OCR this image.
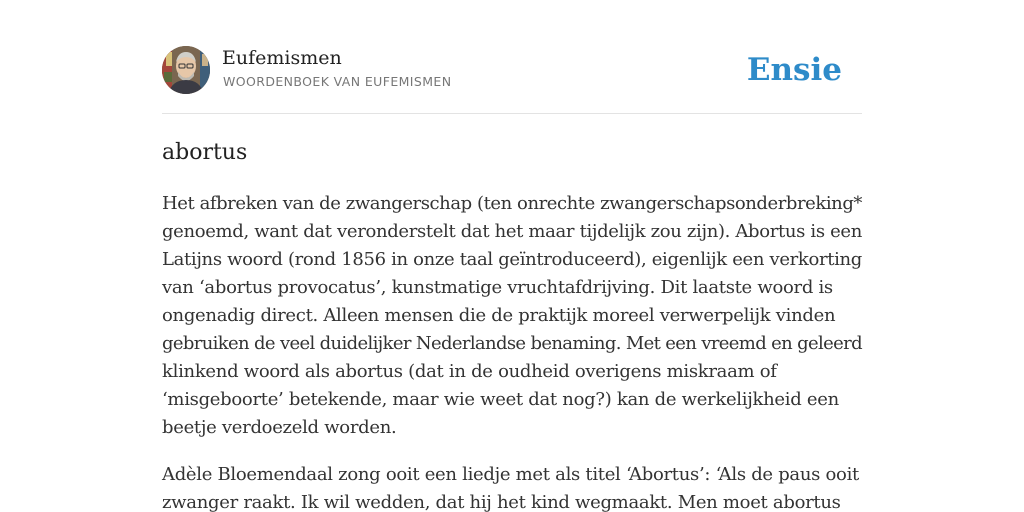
Eufemismen
WOORDENBOEK VAN EUFEMISMEN	Ensie
abortus

Het afbreken van de zwangerschap (ten onrechte zwangerschapsonderbreking*
genoemd, want dat veronderstelt dat het maar tijdelijk zou zijn). Abortus is een
Latijns woord (rond 1856 in onze taal geïntroduceerd), eigenlijk een verkorting
van ‘abortus provocatus’, kunstmatige vruchtafdrijving. Dit laatste woord is
ongenadig direct. Alleen mensen die de praktijk moreel verwerpelijk vinden
gebruiken de veel duidelijker Nederlandse benaming. Met een vreemd en geleerd
klinkend woord als abortus (dat in de oudheid overigens miskraam of
‘misgeboorte’ betekende, maar wie weet dat nog?) kan de werkelijkheid een
beetje verdoezeld worden.

Adèle Bloemendaal zong ooit een liedje met als titel ‘Abortus’: ‘Als de paus ooit
zwanger raakt. Ik wil wedden, dat hij het kind wegmaakt. Men moet abortus
